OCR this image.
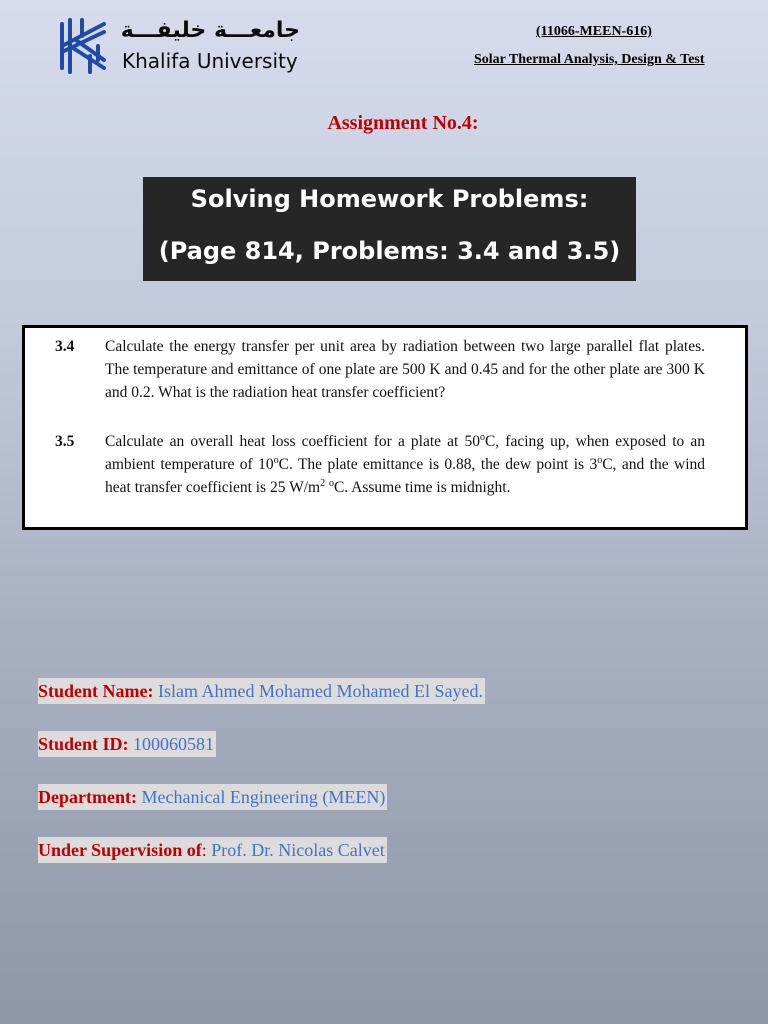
جامعـــة خليفـــة
Khalifa University
(11066-MEEN-616)
Solar Thermal Analysis, Design & Test
Assignment No.4:
Solving Homework Problems:
(Page 814, Problems: 3.4 and 3.5)
3.4 Calculate the energy transfer per unit area by radiation between two large parallel flat plates. The temperature and emittance of one plate are 500 K and 0.45 and for the other plate are 300 K and 0.2. What is the radiation heat transfer coefficient?
3.5 Calculate an overall heat loss coefficient for a plate at 50$^o$C, facing up, when exposed to an ambient temperature of 10$^o$C. The plate emittance is 0.88, the dew point is 3$^o$C, and the wind heat transfer coefficient is 25 $W/m^2$ $^o$C. Assume time is midnight.
Student Name: Islam Ahmed Mohamed Mohamed El Sayed.
Student ID: 100060581
Department: Mechanical Engineering (MEEN)
Under Supervision of: Prof. Dr. Nicolas Calvet
